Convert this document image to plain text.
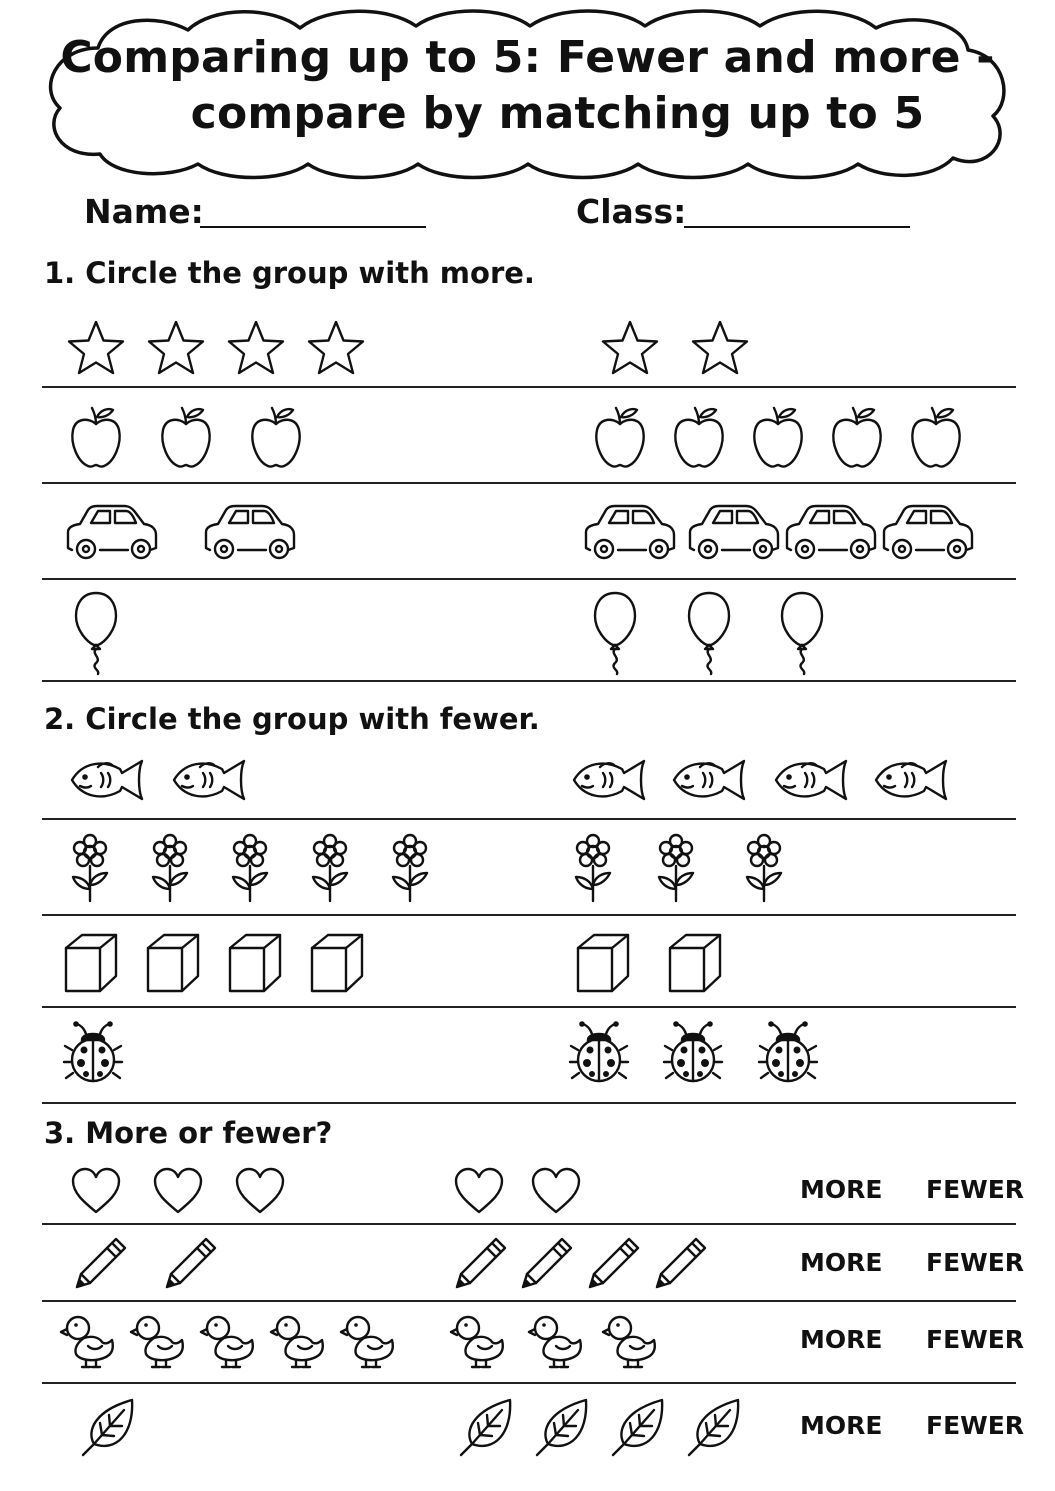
Comparing up to 5: Fewer and more -
compare by matching up to 5
Name:	Class:
1. Circle the group with more.
2. Circle the group with fewer.
3. More or fewer?
MORE FEWER
MORE FEWER
MORE FEWER
MORE FEWER
